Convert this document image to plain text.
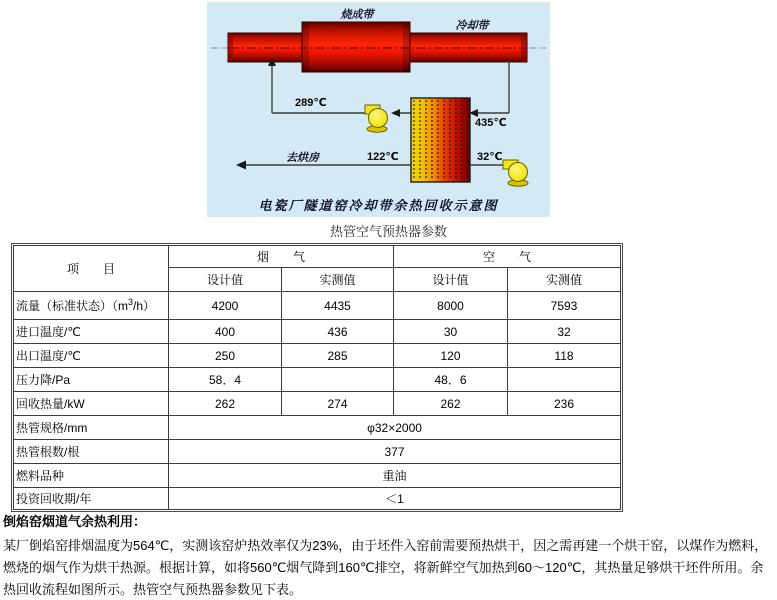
烧成带
冷却带
289℃
435℃
去烘房	122℃	32℃
电瓷厂隧道窑冷却带余热回收示意图
热管空气预热器参数
项　　目	烟　　气		空　　气	
	设计值	实测值	设计值	实测值
流量（标准状态）$(m^3/h)$	4200	4435	8000	7593
进口温度/℃	400	436	30	32
出口温度/℃	250	285	120	118
压力降/Pa	58．4		48．6	
回收热量/kW	262	274	262	236
热管规格/mm	φ32×2000			
热管根数/根	377			
燃料品种	重油			
投资回收期/年	＜1			
倒焰窑烟道气余热利用：
某厂倒焰窑排烟温度为564℃，实测该窑炉热效率仅为23%，由于坯件入窑前需要预热烘干，因之需再建一个烘干窑，以煤作为燃料，燃烧的烟气作为烘干热源。根据计算，如将560℃烟气降到160℃排空，将新鲜空气加热到60～120℃，其热量足够烘干坯件所用。余热回收流程如图所示。热管空气预热器参数见下表。
